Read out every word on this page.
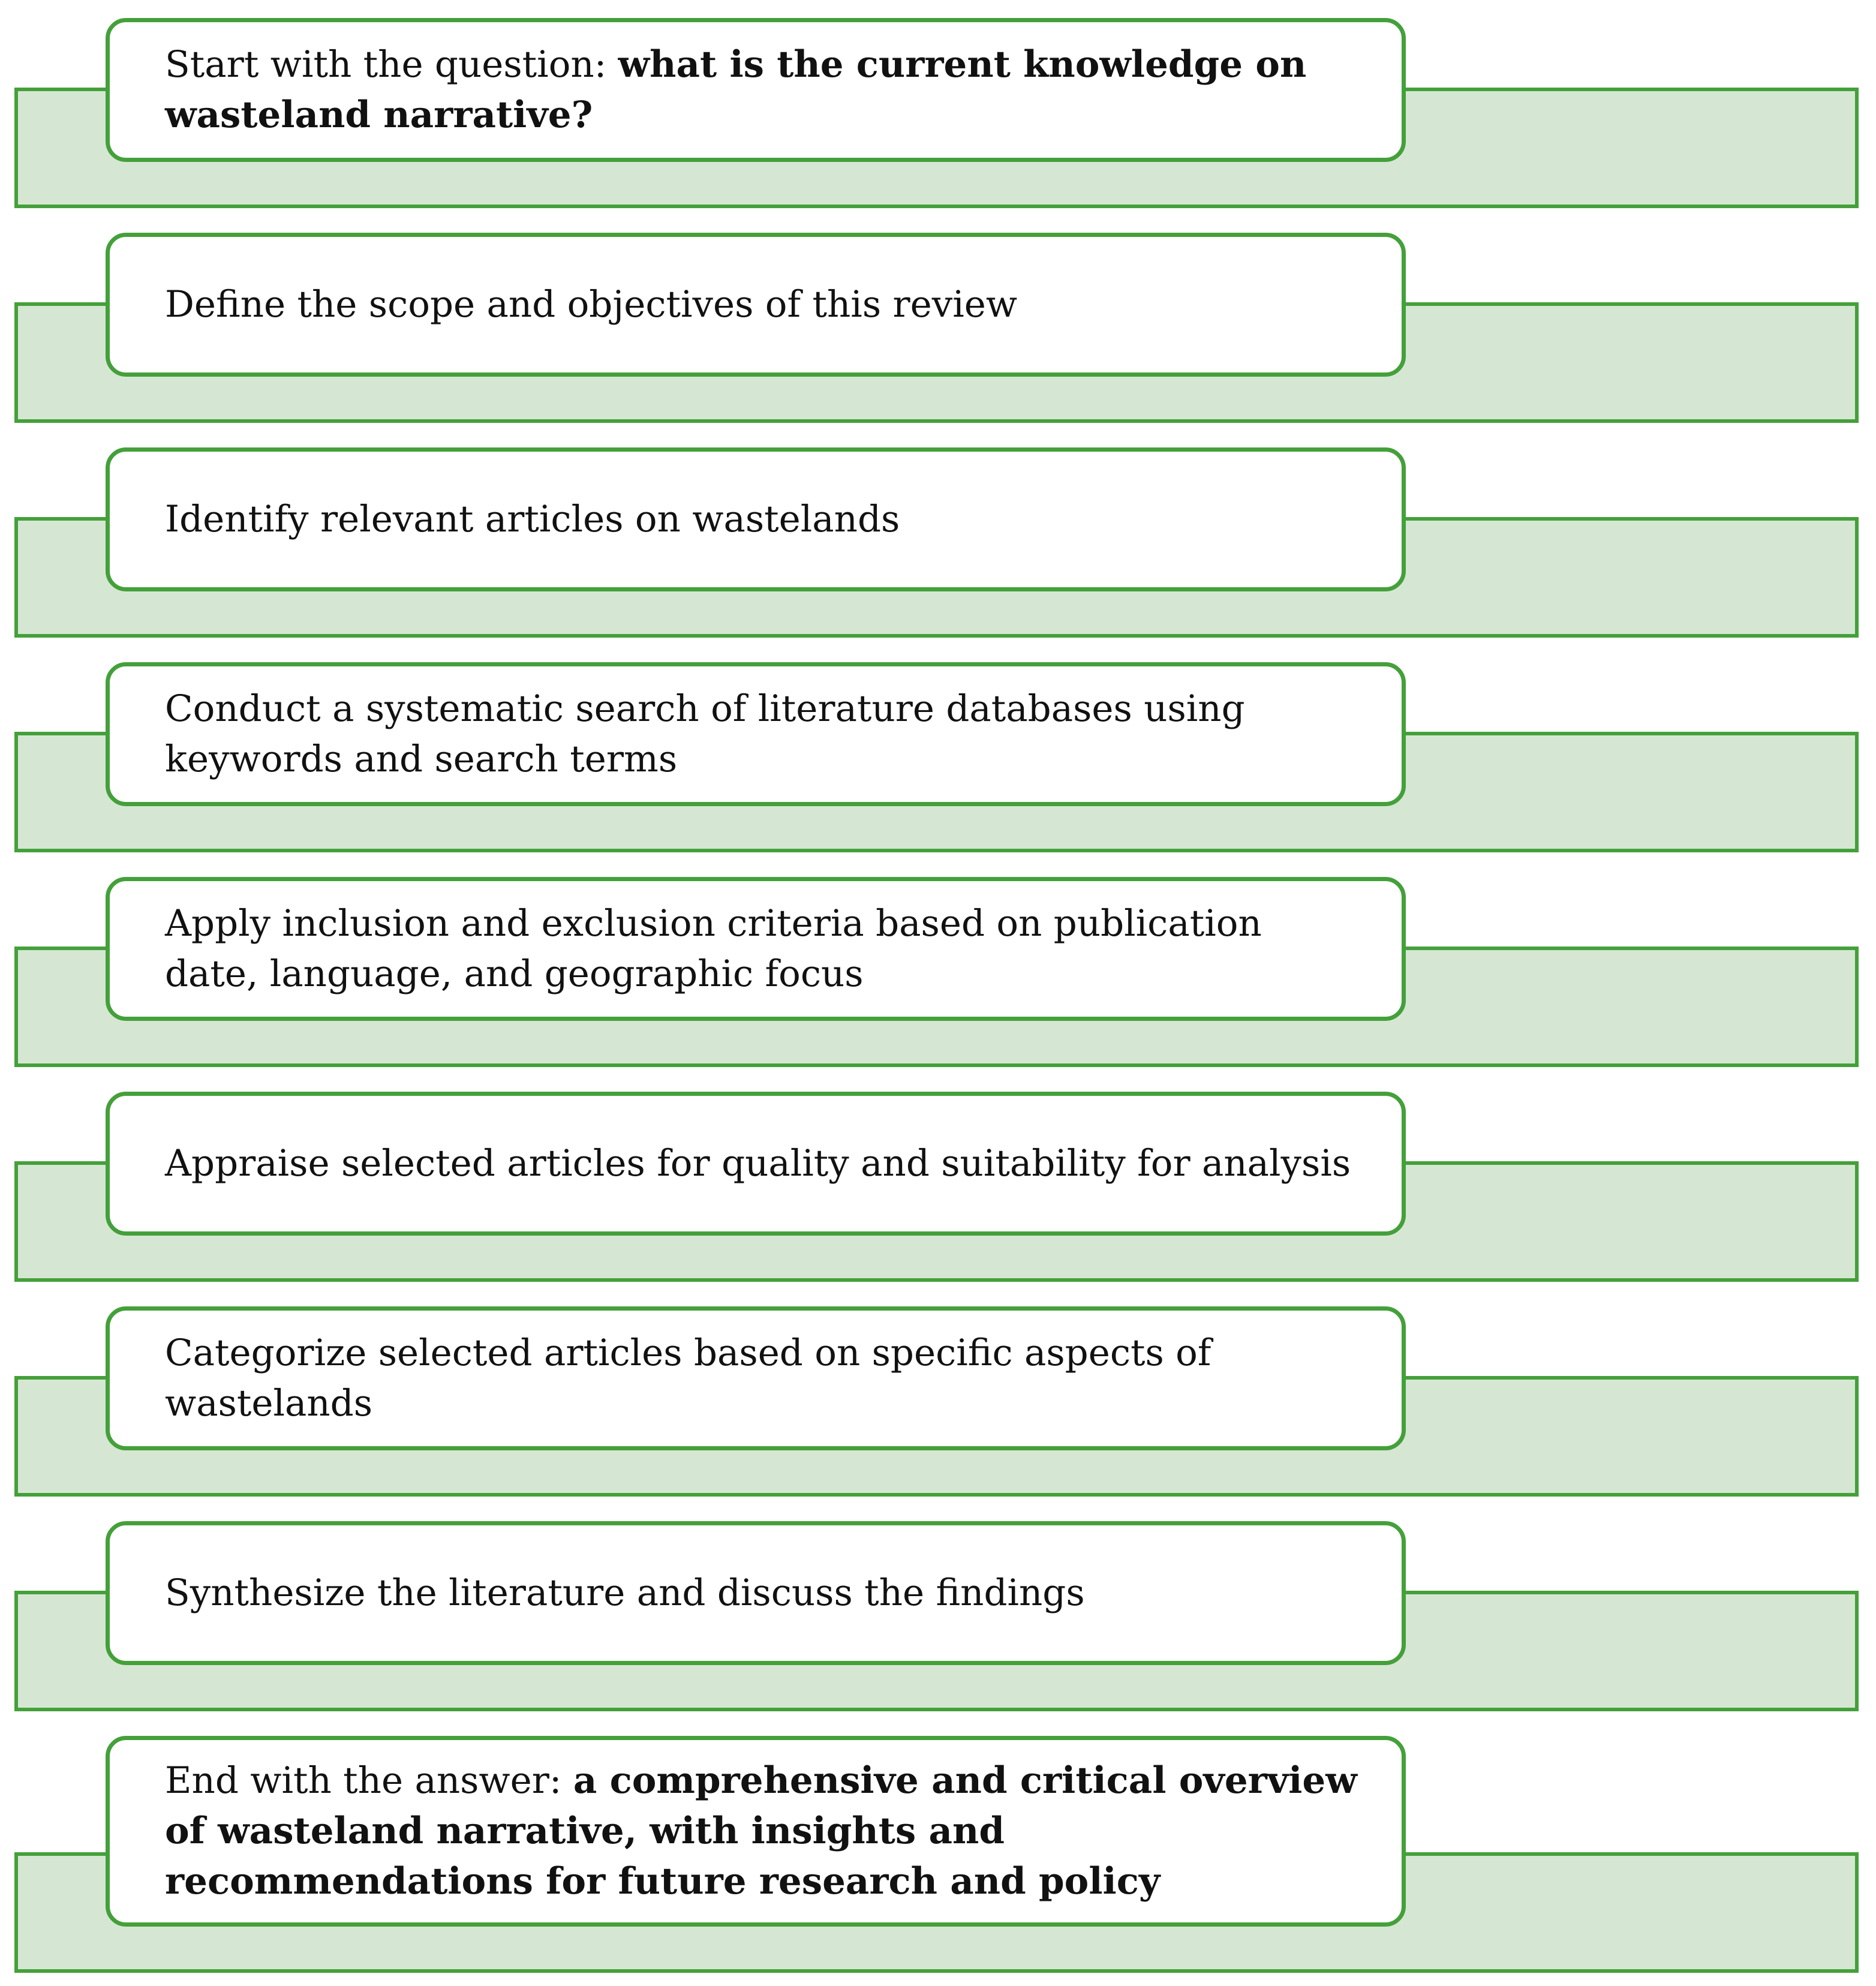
Start with the question: what is the current knowledge on wasteland narrative?

Define the scope and objectives of this review

Identify relevant articles on wastelands

Conduct a systematic search of literature databases using keywords and search terms

Apply inclusion and exclusion criteria based on publication date, language, and geographic focus

Appraise selected articles for quality and suitability for analysis

Categorize selected articles based on specific aspects of wastelands

Synthesize the literature and discuss the findings

End with the answer: a comprehensive and critical overview of wasteland narrative, with insights and recommendations for future research and policy
